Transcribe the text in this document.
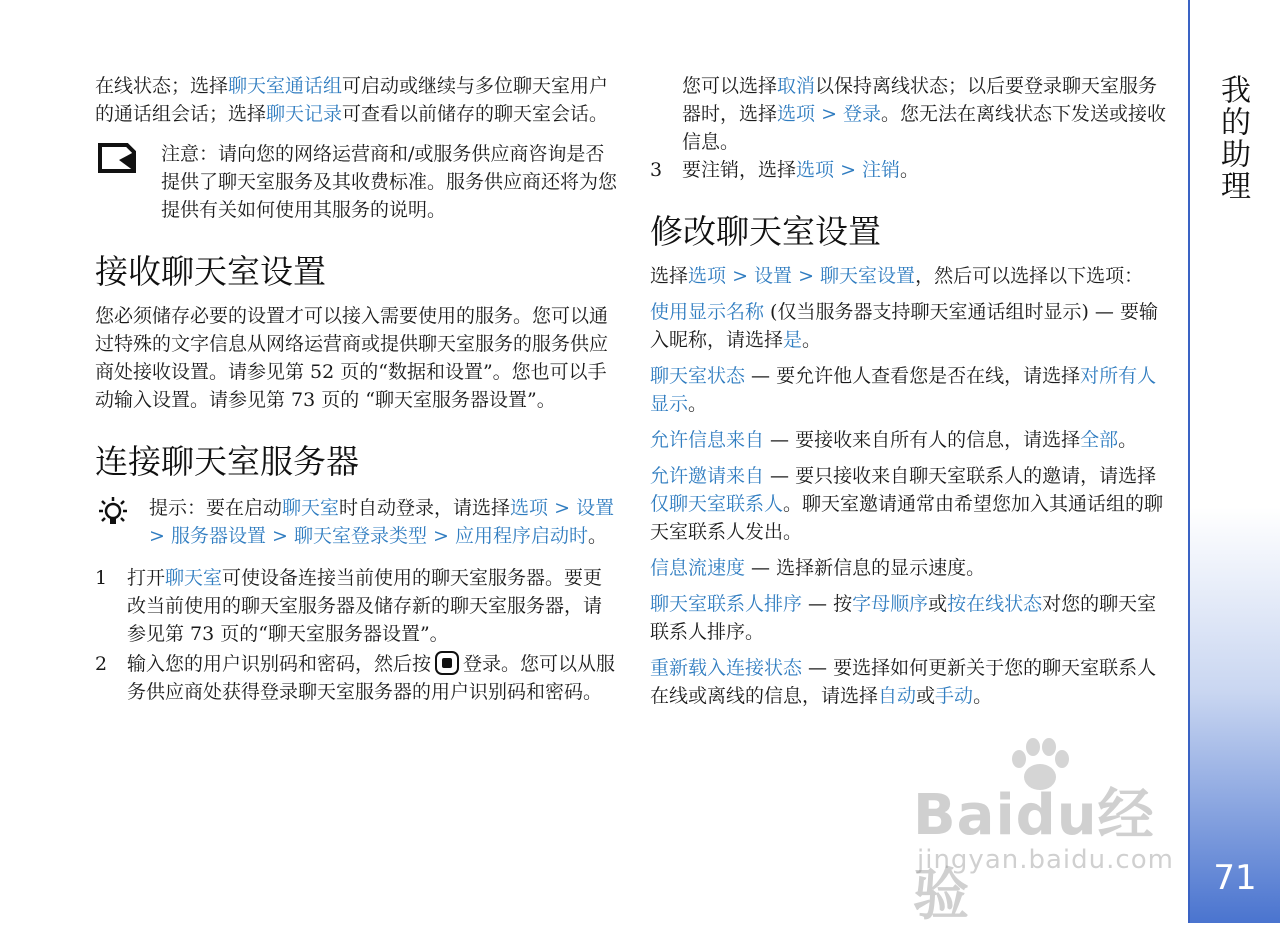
我的助理
71

在线状态；选择聊天室通话组可启动或继续与多位聊天室用户的通话组会话；选择聊天记录可查看以前储存的聊天室会话。

注意：请向您的网络运营商和/或服务供应商咨询是否提供了聊天室服务及其收费标准。服务供应商还将为您提供有关如何使用其服务的说明。

接收聊天室设置

您必须储存必要的设置才可以接入需要使用的服务。您可以通过特殊的文字信息从网络运营商或提供聊天室服务的服务供应商处接收设置。请参见第 52 页的“数据和设置”。您也可以手动输入设置。请参见第 73 页的 “聊天室服务器设置”。

连接聊天室服务器

提示：要在启动聊天室时自动登录，请选择选项 > 设置 > 服务器设置 > 聊天室登录类型 > 应用程序启动时。

1 打开聊天室可使设备连接当前使用的聊天室服务器。要更改当前使用的聊天室服务器及储存新的聊天室服务器，请参见第 73 页的“聊天室服务器设置”。

2 输入您的用户识别码和密码，然后按 登录。您可以从服务供应商处获得登录聊天室服务器的用户识别码和密码。

您可以选择取消以保持离线状态；以后要登录聊天室服务器时，选择选项 > 登录。您无法在离线状态下发送或接收信息。

3 要注销，选择选项 > 注销。

修改聊天室设置

选择选项 > 设置 > 聊天室设置，然后可以选择以下选项：

使用显示名称 (仅当服务器支持聊天室通话组时显示) — 要输入昵称，请选择是。

聊天室状态 — 要允许他人查看您是否在线，请选择对所有人显示。

允许信息来自 — 要接收来自所有人的信息，请选择全部。

允许邀请来自 — 要只接收来自聊天室联系人的邀请，请选择仅聊天室联系人。聊天室邀请通常由希望您加入其通话组的聊天室联系人发出。

信息流速度 — 选择新信息的显示速度。

聊天室联系人排序 — 按字母顺序或按在线状态对您的聊天室联系人排序。

重新载入连接状态 — 要选择如何更新关于您的聊天室联系人在线或离线的信息，请选择自动或手动。

Baidu经验
jingyan.baidu.com
